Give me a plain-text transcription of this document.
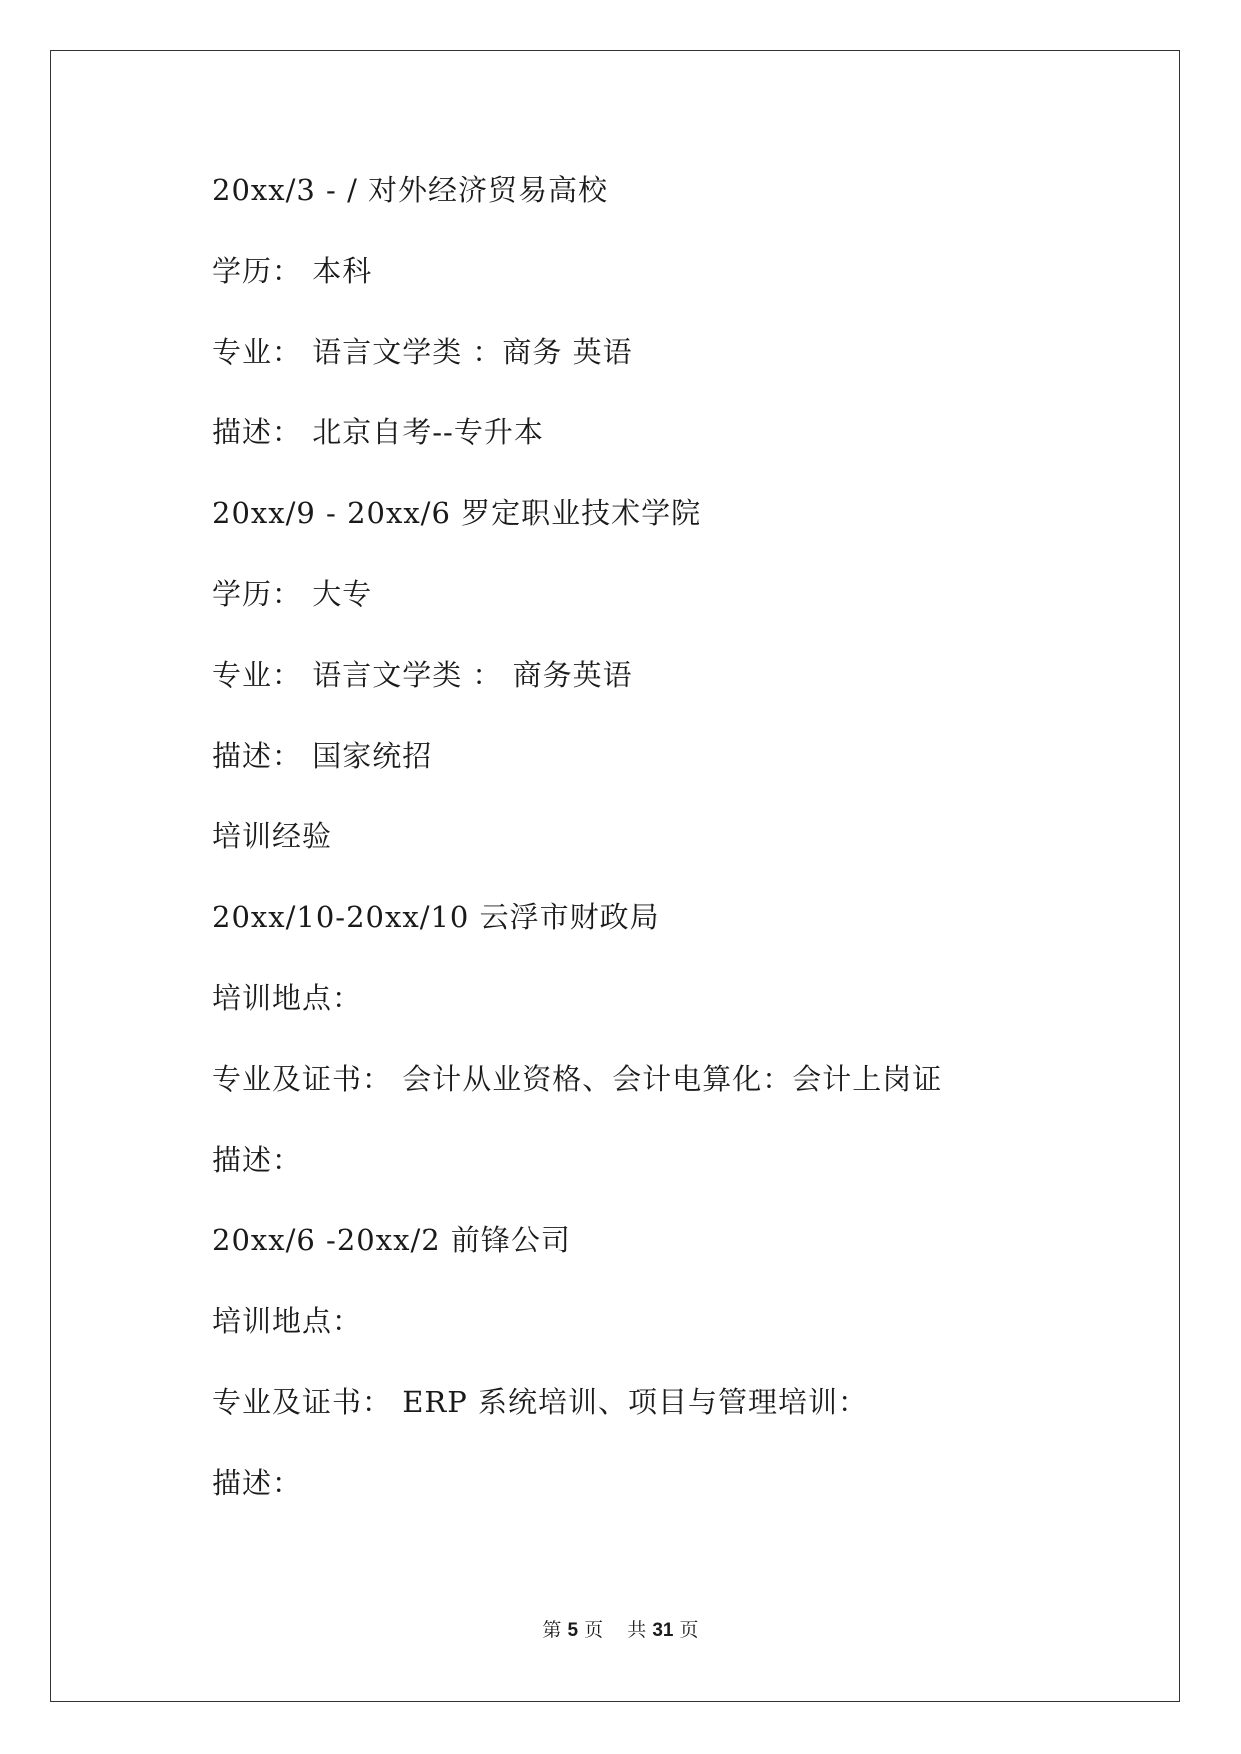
20xx/3 - / 对外经济贸易高校
学历： 本科
专业： 语言文学类 ：商务 英语
描述： 北京自考--专升本
20xx/9 - 20xx/6 罗定职业技术学院
学历： 大专
专业： 语言文学类 ： 商务英语
描述： 国家统招
培训经验
20xx/10-20xx/10 云浮市财政局
培训地点：
专业及证书： 会计从业资格、会计电算化：会计上岗证
描述：
20xx/6 -20xx/2 前锋公司
培训地点：
专业及证书： ERP 系统培训、项目与管理培训：
描述：
第 5 页 共 31 页
